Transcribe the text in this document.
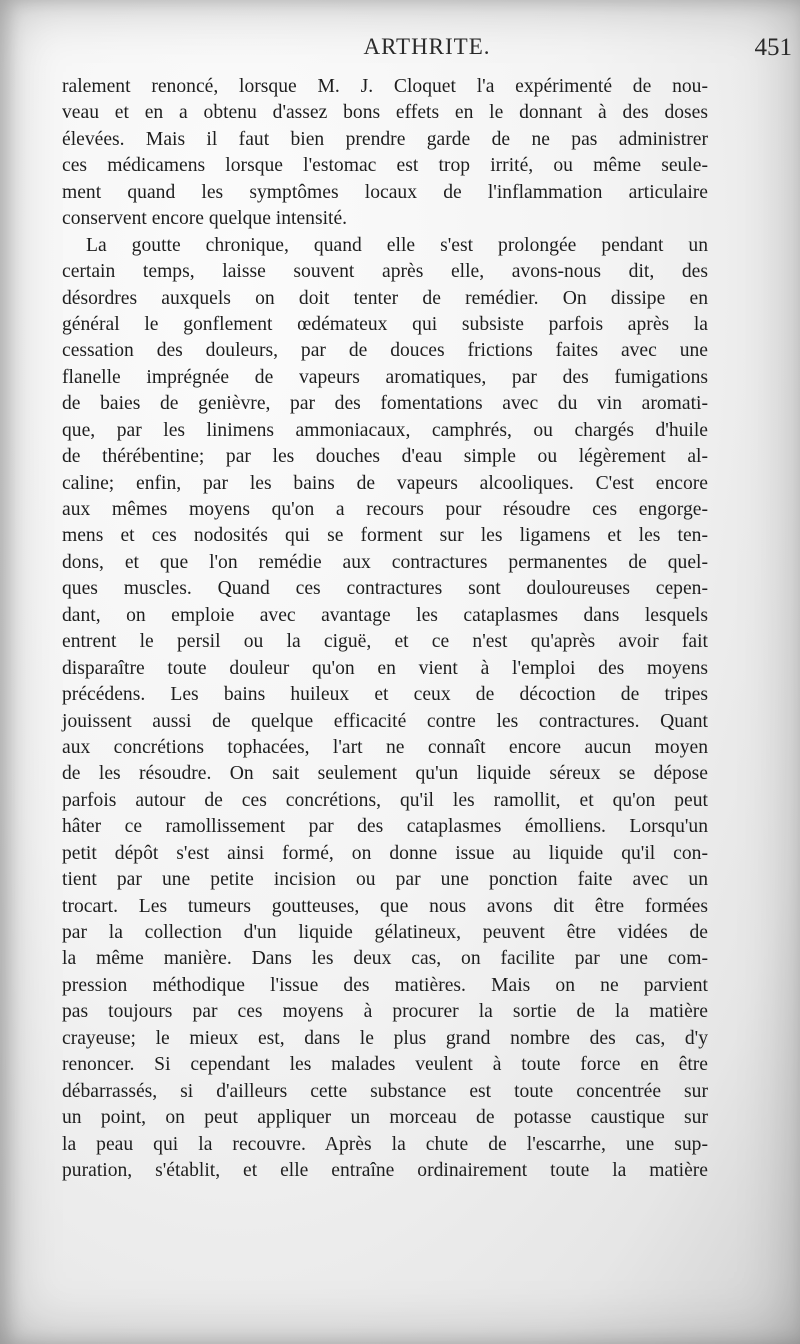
ARTHRITE.	451
ralement renoncé, lorsque M. J. Cloquet l'a expérimenté de nou-
veau et en a obtenu d'assez bons effets en le donnant à des doses
élevées. Mais il faut bien prendre garde de ne pas administrer
ces médicamens lorsque l'estomac est trop irrité, ou même seule-
ment quand les symptômes locaux de l'inflammation articulaire
conservent encore quelque intensité.
La goutte chronique, quand elle s'est prolongée pendant un
certain temps, laisse souvent après elle, avons-nous dit, des
désordres auxquels on doit tenter de remédier. On dissipe en
général le gonflement œdémateux qui subsiste parfois après la
cessation des douleurs, par de douces frictions faites avec une
flanelle imprégnée de vapeurs aromatiques, par des fumigations
de baies de genièvre, par des fomentations avec du vin aromati-
que, par les linimens ammoniacaux, camphrés, ou chargés d'huile
de thérébentine; par les douches d'eau simple ou légèrement al-
caline; enfin, par les bains de vapeurs alcooliques. C'est encore
aux mêmes moyens qu'on a recours pour résoudre ces engorge-
mens et ces nodosités qui se forment sur les ligamens et les ten-
dons, et que l'on remédie aux contractures permanentes de quel-
ques muscles. Quand ces contractures sont douloureuses cepen-
dant, on emploie avec avantage les cataplasmes dans lesquels
entrent le persil ou la ciguë, et ce n'est qu'après avoir fait
disparaître toute douleur qu'on en vient à l'emploi des moyens
précédens. Les bains huileux et ceux de décoction de tripes
jouissent aussi de quelque efficacité contre les contractures. Quant
aux concrétions tophacées, l'art ne connaît encore aucun moyen
de les résoudre. On sait seulement qu'un liquide séreux se dépose
parfois autour de ces concrétions, qu'il les ramollit, et qu'on peut
hâter ce ramollissement par des cataplasmes émolliens. Lorsqu'un
petit dépôt s'est ainsi formé, on donne issue au liquide qu'il con-
tient par une petite incision ou par une ponction faite avec un
trocart. Les tumeurs goutteuses, que nous avons dit être formées
par la collection d'un liquide gélatineux, peuvent être vidées de
la même manière. Dans les deux cas, on facilite par une com-
pression méthodique l'issue des matières. Mais on ne parvient
pas toujours par ces moyens à procurer la sortie de la matière
crayeuse; le mieux est, dans le plus grand nombre des cas, d'y
renoncer. Si cependant les malades veulent à toute force en être
débarrassés, si d'ailleurs cette substance est toute concentrée sur
un point, on peut appliquer un morceau de potasse caustique sur
la peau qui la recouvre. Après la chute de l'escarrhe, une sup-
puration, s'établit, et elle entraîne ordinairement toute la matière
